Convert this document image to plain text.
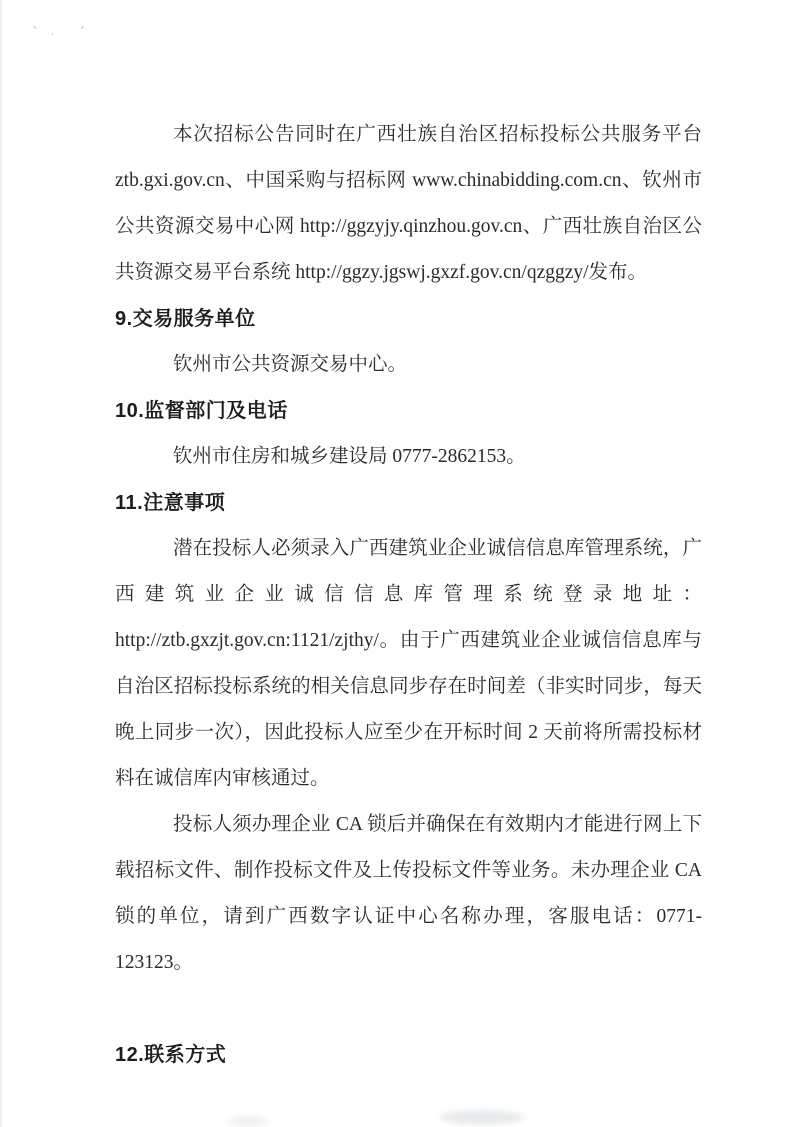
` · ´

本次招标公告同时在广西壮族自治区招标投标公共服务平台 ztb.gxi.gov.cn、中国采购与招标网 www.chinabidding.com.cn、钦州市公共资源交易中心网 http://ggzyjy.qinzhou.gov.cn、广西壮族自治区公共资源交易平台系统 http://ggzy.jgswj.gxzf.gov.cn/qzggzy/发布。

9.交易服务单位

钦州市公共资源交易中心。

10.监督部门及电话

钦州市住房和城乡建设局 0777-2862153。

11.注意事项

潜在投标人必须录入广西建筑业企业诚信信息库管理系统，广西建筑业企业诚信信息库管理系统登录地址：http://ztb.gxzjt.gov.cn:1121/zjthy/。由于广西建筑业企业诚信信息库与自治区招标投标系统的相关信息同步存在时间差（非实时同步，每天晚上同步一次），因此投标人应至少在开标时间 2 天前将所需投标材料在诚信库内审核通过。

投标人须办理企业 CA 锁后并确保在有效期内才能进行网上下载招标文件、制作投标文件及上传投标文件等业务。未办理企业 CA 锁的单位，请到广西数字认证中心名称办理，客服电话：0771-123123。

12.联系方式
